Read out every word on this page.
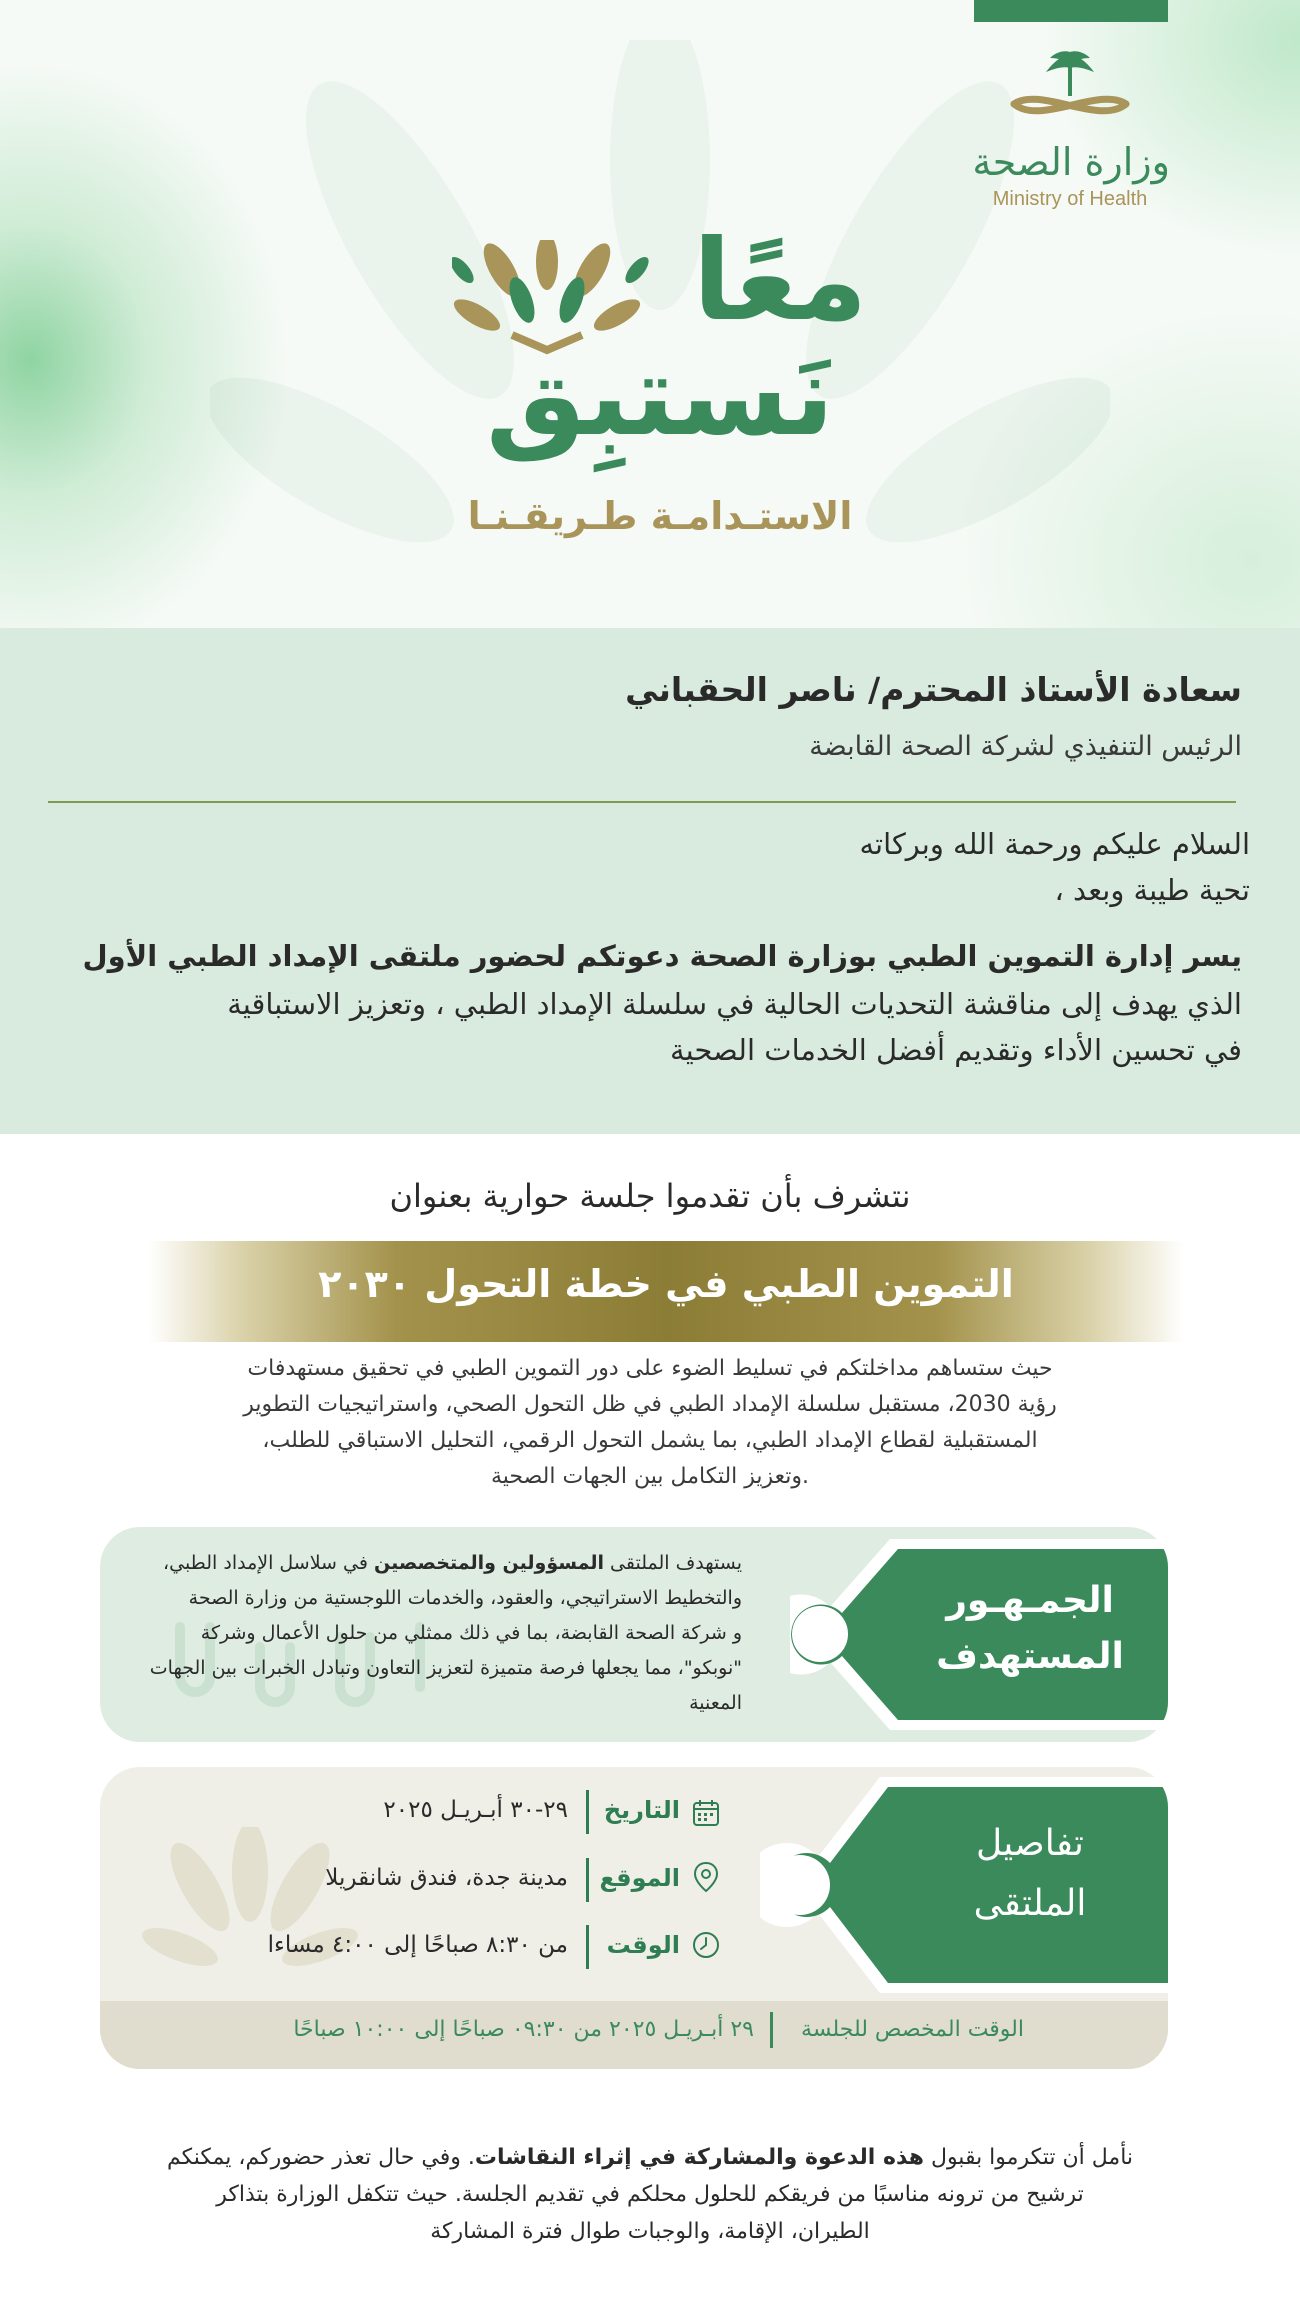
وزارة الصحة
Ministry of Health
معًا
نَستبِق
الاستـدامـة طـريقـنـا
سعادة الأستاذ المحترم/ ناصر الحقباني
الرئيس التنفيذي لشركة الصحة القابضة
السلام عليكم ورحمة الله وبركاته
تحية طيبة وبعد ،
يسر إدارة التموين الطبي بوزارة الصحة دعوتكم لحضور ملتقى الإمداد الطبي الأول
الذي يهدف إلى مناقشة التحديات الحالية في سلسلة الإمداد الطبي ، وتعزيز الاستباقية
في تحسين الأداء وتقديم أفضل الخدمات الصحية
نتشرف بأن تقدموا جلسة حوارية بعنوان
التموين الطبي في خطة التحول ٢٠٣٠
حيث ستساهم مداخلتكم في تسليط الضوء على دور التموين الطبي في تحقيق مستهدفات
رؤية 2030، مستقبل سلسلة الإمداد الطبي في ظل التحول الصحي، واستراتيجيات التطوير
المستقبلية لقطاع الإمداد الطبي، بما يشمل التحول الرقمي، التحليل الاستباقي للطلب،
.وتعزيز التكامل بين الجهات الصحية
الجمـهـور
المستهدف
يستهدف الملتقى المسؤولين والمتخصصين في سلاسل الإمداد الطبي،
والتخطيط الاستراتيجي، والعقود، والخدمات اللوجستية من وزارة الصحة
و شركة الصحة القابضة، بما في ذلك ممثلي من حلول الأعمال وشركة
"نوبكو"، مما يجعلها فرصة متميزة لتعزيز التعاون وتبادل الخبرات بين الجهات
المعنية
تفاصيل
الملتقى
التاريخ
٢٩-٣٠ أبـريـل ٢٠٢٥
الموقع
مدينة جدة، فندق شانقريلا
الوقت
من ٨:٣٠ صباحًا إلى ٤:٠٠ مساءا
الوقت المخصص للجلسة
٢٩ أبـريـل ٢٠٢٥ من ٠٩:٣٠ صباحًا إلى ١٠:٠٠ صباحًا
نأمل أن تتكرموا بقبول هذه الدعوة والمشاركة في إثراء النقاشات. وفي حال تعذر حضوركم، يمكنكم
ترشيح من ترونه مناسبًا من فريقكم للحلول محلكم في تقديم الجلسة. حيث تتكفل الوزارة بتذاكر
الطيران، الإقامة، والوجبات طوال فترة المشاركة
